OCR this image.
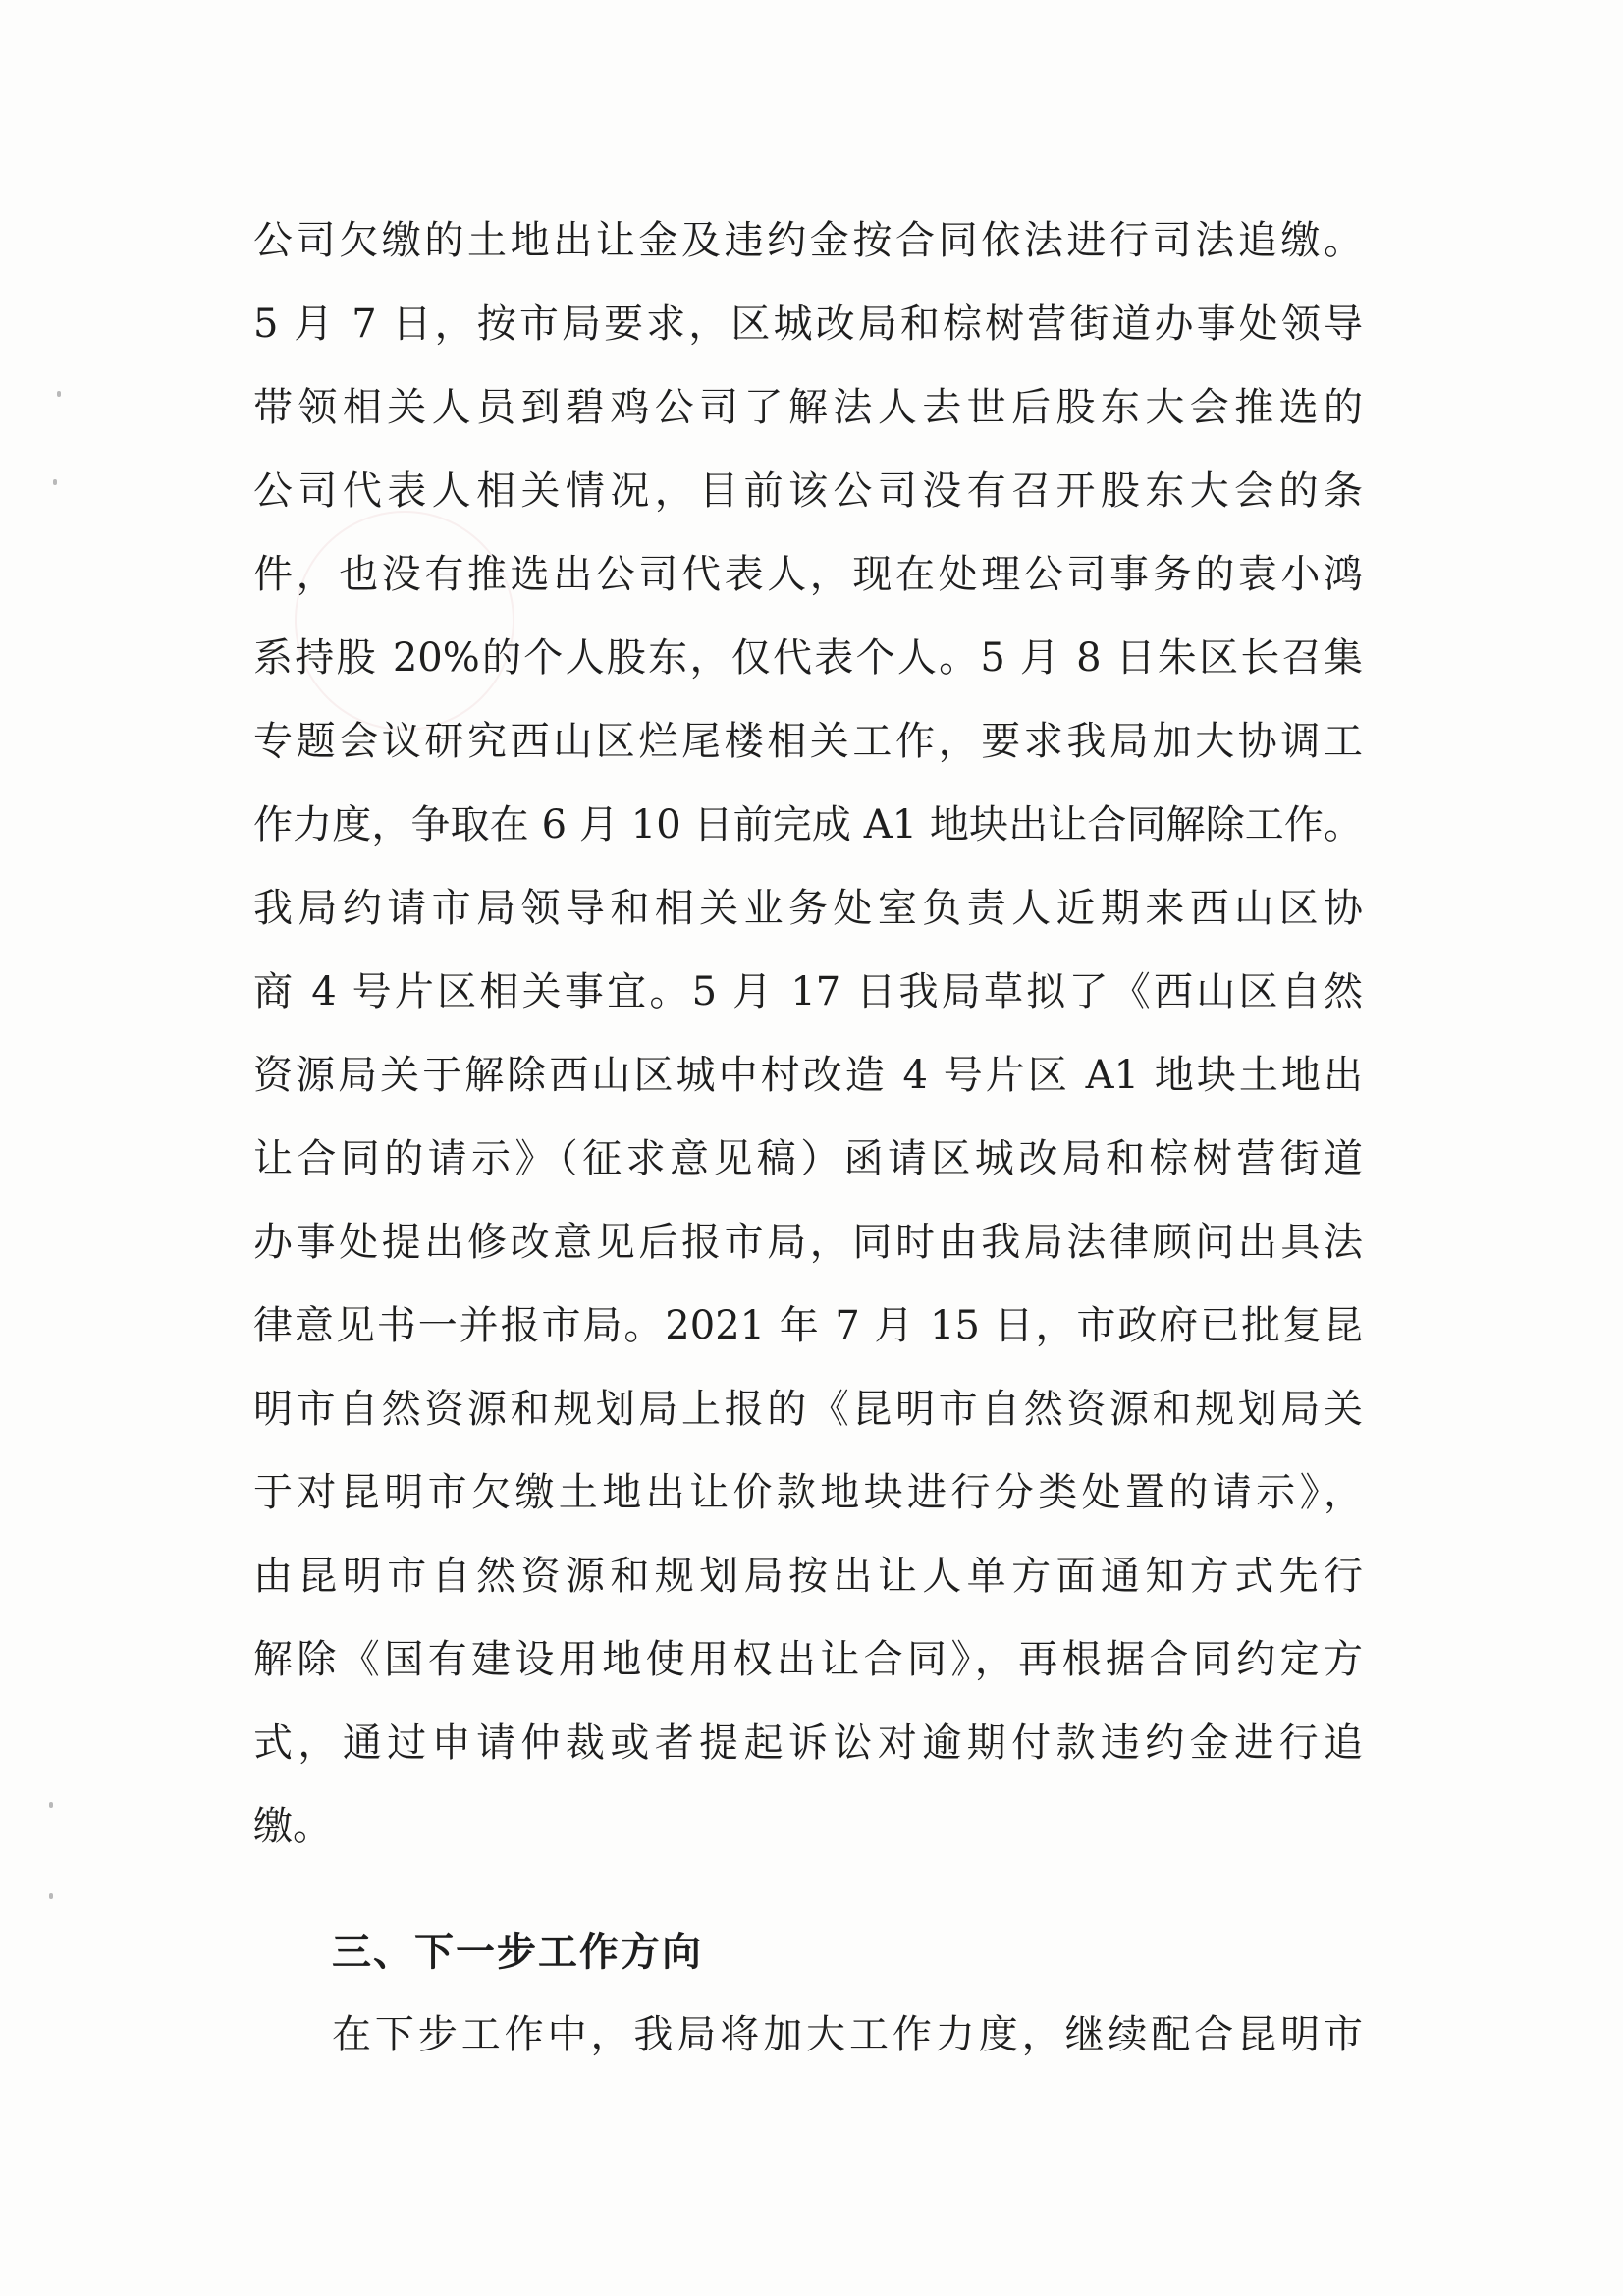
公司欠缴的土地出让金及违约金按合同依法进行司法追缴。
5 月 7 日，按市局要求，区城改局和棕树营街道办事处领导
带领相关人员到碧鸡公司了解法人去世后股东大会推选的
公司代表人相关情况，目前该公司没有召开股东大会的条
件，也没有推选出公司代表人，现在处理公司事务的袁小鸿
系持股 20%的个人股东，仅代表个人。5 月 8 日朱区长召集
专题会议研究西山区烂尾楼相关工作，要求我局加大协调工
作力度，争取在 6 月 10 日前完成 A1 地块出让合同解除工作。
我局约请市局领导和相关业务处室负责人近期来西山区协
商 4 号片区相关事宜。5 月 17 日我局草拟了《西山区自然
资源局关于解除西山区城中村改造 4 号片区 A1 地块土地出
让合同的请示》（征求意见稿）函请区城改局和棕树营街道
办事处提出修改意见后报市局，同时由我局法律顾问出具法
律意见书一并报市局。2021 年 7 月 15 日，市政府已批复昆
明市自然资源和规划局上报的《昆明市自然资源和规划局关
于对昆明市欠缴土地出让价款地块进行分类处置的请示》，
由昆明市自然资源和规划局按出让人单方面通知方式先行
解除《国有建设用地使用权出让合同》，再根据合同约定方
式，通过申请仲裁或者提起诉讼对逾期付款违约金进行追
缴。
三、下一步工作方向
在下步工作中，我局将加大工作力度，继续配合昆明市
